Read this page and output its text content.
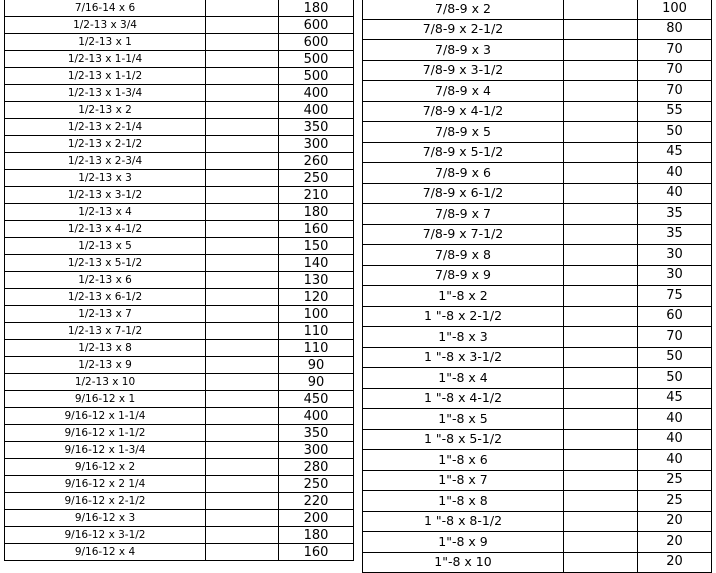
7/16-14 x 6		180
1/2-13 x 3/4		600
1/2-13 x 1		600
1/2-13 x 1-1/4		500
1/2-13 x 1-1/2		500
1/2-13 x 1-3/4		400
1/2-13 x 2		400
1/2-13 x 2-1/4		350
1/2-13 x 2-1/2		300
1/2-13 x 2-3/4		260
1/2-13 x 3		250
1/2-13 x 3-1/2		210
1/2-13 x 4		180
1/2-13 x 4-1/2		160
1/2-13 x 5		150
1/2-13 x 5-1/2		140
1/2-13 x 6		130
1/2-13 x 6-1/2		120
1/2-13 x 7		100
1/2-13 x 7-1/2		110
1/2-13 x 8		110
1/2-13 x 9		90
1/2-13 x 10		90
9/16-12 x 1		450
9/16-12 x 1-1/4		400
9/16-12 x 1-1/2		350
9/16-12 x 1-3/4		300
9/16-12 x 2		280
9/16-12 x 2 1/4		250
9/16-12 x 2-1/2		220
9/16-12 x 3		200
9/16-12 x 3-1/2		180
9/16-12 x 4		160
7/8-9 x 2		100
7/8-9 x 2-1/2		80
7/8-9 x 3		70
7/8-9 x 3-1/2		70
7/8-9 x 4		70
7/8-9 x 4-1/2		55
7/8-9 x 5		50
7/8-9 x 5-1/2		45
7/8-9 x 6		40
7/8-9 x 6-1/2		40
7/8-9 x 7		35
7/8-9 x 7-1/2		35
7/8-9 x 8		30
7/8-9 x 9		30
1"-8 x 2		75
1 "-8 x 2-1/2		60
1"-8 x 3		70
1 "-8 x 3-1/2		50
1"-8 x 4		50
1 "-8 x 4-1/2		45
1"-8 x 5		40
1 "-8 x 5-1/2		40
1"-8 x 6		40
1"-8 x 7		25
1"-8 x 8		25
1 "-8 x 8-1/2		20
1"-8 x 9		20
1"-8 x 10		20
